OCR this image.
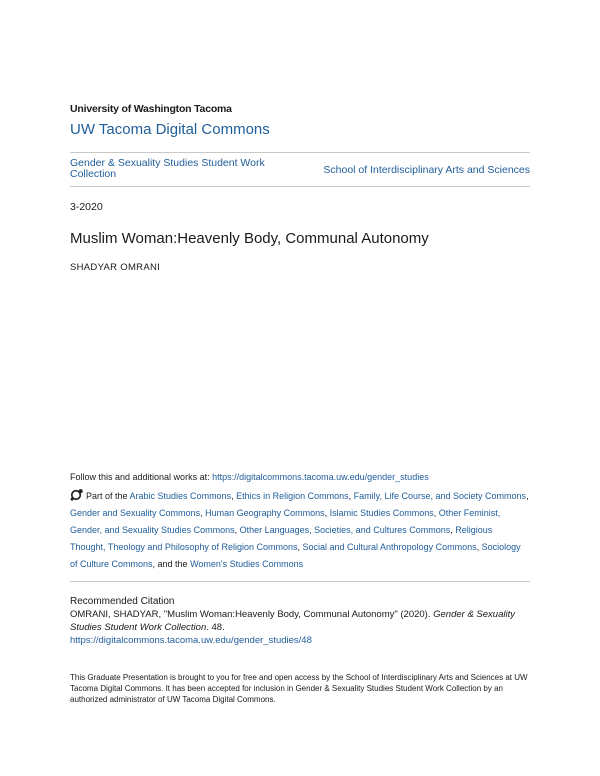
University of Washington Tacoma
UW Tacoma Digital Commons
Gender & Sexuality Studies Student Work Collection	School of Interdisciplinary Arts and Sciences
3-2020
Muslim Woman:Heavenly Body, Communal Autonomy
SHADYAR OMRANI
Follow this and additional works at: https://digitalcommons.tacoma.uw.edu/gender_studies
Part of the Arabic Studies Commons, Ethics in Religion Commons, Family, Life Course, and Society Commons, Gender and Sexuality Commons, Human Geography Commons, Islamic Studies Commons, Other Feminist, Gender, and Sexuality Studies Commons, Other Languages, Societies, and Cultures Commons, Religious Thought, Theology and Philosophy of Religion Commons, Social and Cultural Anthropology Commons, Sociology of Culture Commons, and the Women's Studies Commons
Recommended Citation
OMRANI, SHADYAR, "Muslim Woman:Heavenly Body, Communal Autonomy" (2020). Gender & Sexuality Studies Student Work Collection. 48.
https://digitalcommons.tacoma.uw.edu/gender_studies/48
This Graduate Presentation is brought to you for free and open access by the School of Interdisciplinary Arts and Sciences at UW Tacoma Digital Commons. It has been accepted for inclusion in Gender & Sexuality Studies Student Work Collection by an authorized administrator of UW Tacoma Digital Commons.
